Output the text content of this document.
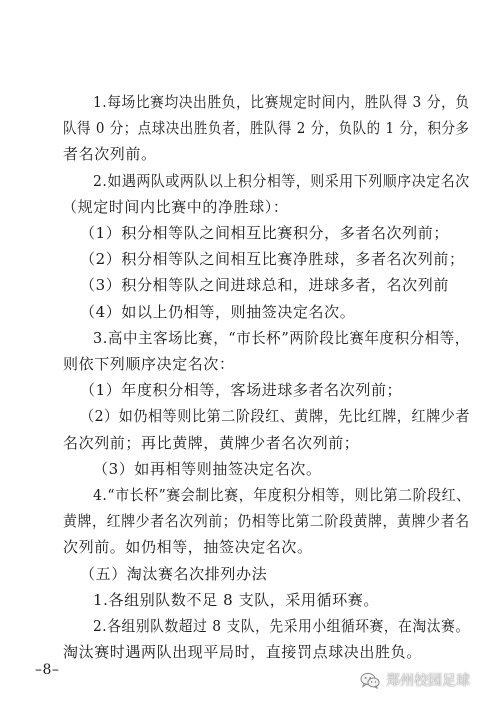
1.每场比赛均决出胜负，比赛规定时间内，胜队得 3 分，负
队得 0 分；点球决出胜负者，胜队得 2 分，负队的 1 分，积分多
者名次列前。
2.如遇两队或两队以上积分相等，则采用下列顺序决定名次
（规定时间内比赛中的净胜球）：
（1）积分相等队之间相互比赛积分，多者名次列前；
（2）积分相等队之间相互比赛净胜球，多者名次列前；
（3）积分相等队之间进球总和，进球多者，名次列前
（4）如以上仍相等，则抽签决定名次。
3.高中主客场比赛，“市长杯”两阶段比赛年度积分相等，
则依下列顺序决定名次：
（1）年度积分相等，客场进球多者名次列前；
（2）如仍相等则比第二阶段红、黄牌，先比红牌，红牌少者
名次列前；再比黄牌，黄牌少者名次列前；
（3）如再相等则抽签决定名次。
4.“市长杯”赛会制比赛，年度积分相等，则比第二阶段红、
黄牌，红牌少者名次列前；仍相等比第二阶段黄牌，黄牌少者名
次列前。如仍相等，抽签决定名次。
（五）淘汰赛名次排列办法
1.各组别队数不足 8 支队，采用循环赛。
2.各组别队数超过 8 支队，先采用小组循环赛，在淘汰赛。
淘汰赛时遇两队出现平局时，直接罚点球决出胜负。
–8–
郑州校园足球
